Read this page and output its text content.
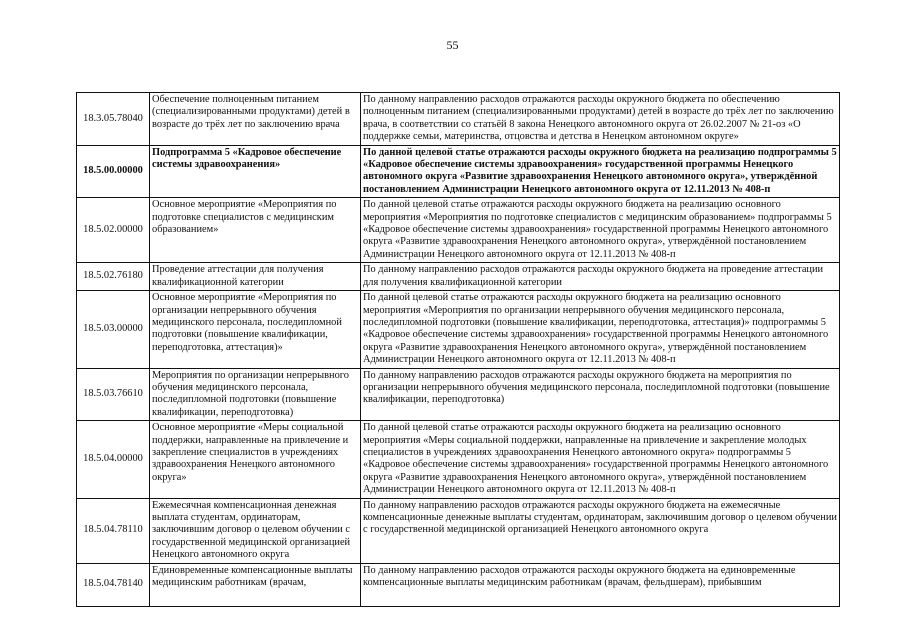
55
18.3.05.78040	Обеспечение полноценным питанием (специализированными продуктами) детей в возрасте до трёх лет по заключению врача	По данному направлению расходов отражаются расходы окружного бюджета по обеспечению полноценным питанием (специализированными продуктами) детей в возрасте до трёх лет по заключению врача, в соответствии со статьёй 8 закона Ненецкого автономного округа от 26.02.2007 № 21-оз «О поддержке семьи, материнства, отцовства и детства в Ненецком автономном округе»
18.5.00.00000	Подпрограмма 5 «Кадровое обеспечение системы здравоохранения»	По данной целевой статье отражаются расходы окружного бюджета на реализацию подпрограммы 5 «Кадровое обеспечение системы здравоохранения» государственной программы Ненецкого автономного округа «Развитие здравоохранения Ненецкого автономного округа», утверждённой постановлением Администрации Ненецкого автономного округа от 12.11.2013 № 408-п
18.5.02.00000	Основное мероприятие «Мероприятия по подготовке специалистов с медицинским образованием»	По данной целевой статье отражаются расходы окружного бюджета на реализацию основного мероприятия «Мероприятия по подготовке специалистов с медицинским образованием» подпрограммы 5 «Кадровое обеспечение системы здравоохранения» государственной программы Ненецкого автономного округа «Развитие здравоохранения Ненецкого автономного округа», утверждённой постановлением Администрации Ненецкого автономного округа от 12.11.2013 № 408-п
18.5.02.76180	Проведение аттестации для получения квалификационной категории	По данному направлению расходов отражаются расходы окружного бюджета на проведение аттестации для получения квалификационной категории
18.5.03.00000	Основное мероприятие «Мероприятия по организации непрерывного обучения медицинского персонала, последипломной подготовки (повышение квалификации, переподготовка, аттестация)»	По данной целевой статье отражаются расходы окружного бюджета на реализацию основного мероприятия «Мероприятия по организации непрерывного обучения медицинского персонала, последипломной подготовки (повышение квалификации, переподготовка, аттестация)» подпрограммы 5 «Кадровое обеспечение системы здравоохранения» государственной программы Ненецкого автономного округа «Развитие здравоохранения Ненецкого автономного округа», утверждённой постановлением Администрации Ненецкого автономного округа от 12.11.2013 № 408-п
18.5.03.76610	Мероприятия по организации непрерывного обучения медицинского персонала, последипломной подготовки (повышение квалификации, переподготовка)	По данному направлению расходов отражаются расходы окружного бюджета на мероприятия по организации непрерывного обучения медицинского персонала, последипломной подготовки (повышение квалификации, переподготовка)
18.5.04.00000	Основное мероприятие «Меры социальной поддержки, направленные на привлечение и закрепление специалистов в учреждениях здравоохранения Ненецкого автономного округа»	По данной целевой статье отражаются расходы окружного бюджета на реализацию основного мероприятия «Меры социальной поддержки, направленные на привлечение и закрепление молодых специалистов в учреждениях здравоохранения Ненецкого автономного округа» подпрограммы 5 «Кадровое обеспечение системы здравоохранения» государственной программы Ненецкого автономного округа «Развитие здравоохранения Ненецкого автономного округа», утверждённой постановлением Администрации Ненецкого автономного округа от 12.11.2013 № 408-п
18.5.04.78110	Ежемесячная компенсационная денежная выплата студентам, ординаторам, заключившим договор о целевом обучении с государственной медицинской организацией Ненецкого автономного округа	По данному направлению расходов отражаются расходы окружного бюджета на ежемесячные компенсационные денежные выплаты студентам, ординаторам, заключившим договор о целевом обучении с государственной медицинской организацией Ненецкого автономного округа
18.5.04.78140	Единовременные компенсационные выплаты медицинским работникам (врачам,	По данному направлению расходов отражаются расходы окружного бюджета на единовременные компенсационные выплаты медицинским работникам (врачам, фельдшерам), прибывшим
